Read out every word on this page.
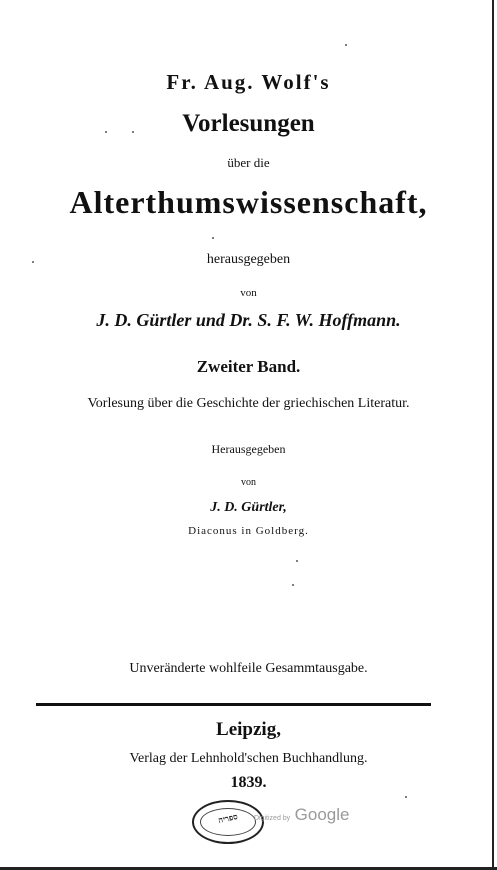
Fr. Aug. Wolf's
Vorlesungen
über die
Alterthumswissenschaft,
herausgegeben
von
J. D. Gürtler und Dr. S. F. W. Hoffmann.
Zweiter Band.
Vorlesung über die Geschichte der griechischen Literatur.
Herausgegeben
von
J. D. Gürtler,
Diaconus in Goldberg.
Unveränderte wohlfeile Gesammtausgabe.
Leipzig,
Verlag der Lehnhold'schen Buchhandlung.
1839.
ספריה	Digitized by Google
